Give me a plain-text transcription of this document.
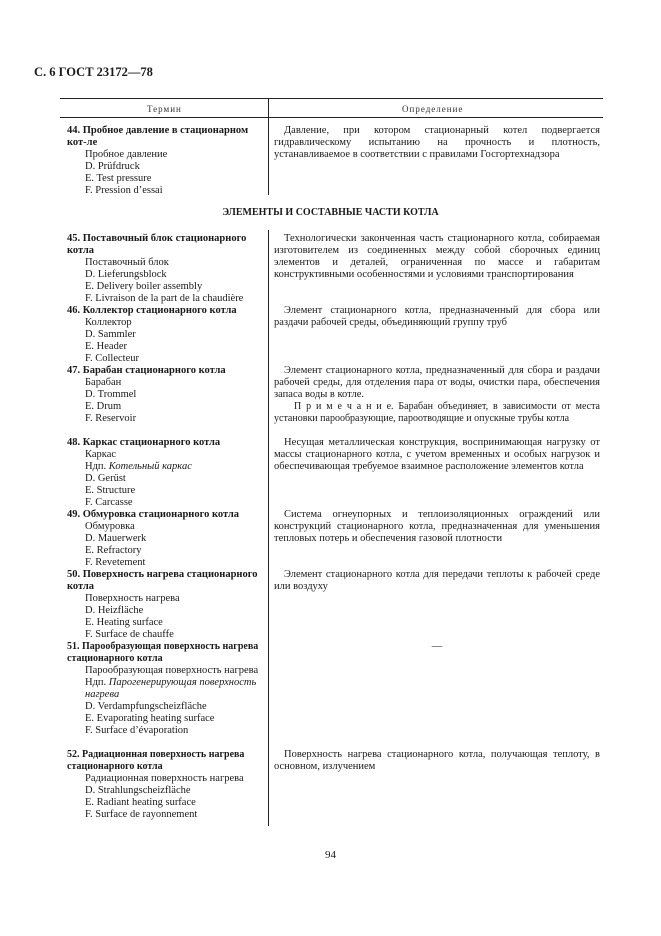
С. 6 ГОСТ 23172—78
Термин	Определение
44. Пробное давление в стационарном кот-ле
Пробное давление
D. Prüfdruck
E. Test pressure
F. Pression d’essai

Давление, при котором стационарный котел подвергается гидравлическому испытанию на прочность и плотность, устанавливаемое в соответствии с правилами Госгортехнадзора

ЭЛЕМЕНТЫ И СОСТАВНЫЕ ЧАСТИ КОТЛА
45. Поставочный блок стационарного котла
Поставочный блок
D. Lieferungsblock
E. Delivery boiler assembly
F. Livraison de la part de la chaudière

Технологически законченная часть стационарного котла, собираемая изготовителем из соединенных между собой сборочных единиц элементов и деталей, ограниченная по массе и габаритам конструктивными особенностями и условиями транспортирования

46. Коллектор стационарного котла
Коллектор
D. Sammler
E. Header
F. Collecteur

Элемент стационарного котла, предназначенный для сбора или раздачи рабочей среды, объединяющий группу труб

47. Барабан стационарного котла
Барабан
D. Trommel
E. Drum
F. Reservoir

Элемент стационарного котла, предназначенный для сбора и раздачи рабочей среды, для отделения пара от воды, очистки пара, обеспечения запаса воды в котле.

П р и м е ч а н и е. Барабан объединяет, в зависимости от места установки парообразующие, пароотводящие и опускные трубы котла

48. Каркас стационарного котла
Каркас
Ндп. Котельный каркас
D. Gerüst
E. Structure
F. Carcasse

Несущая металлическая конструкция, воспринимающая нагрузку от массы стационарного котла, с учетом временных и особых нагрузок и обеспечивающая требуемое взаимное расположение элементов котла

49. Обмуровка стационарного котла
Обмуровка
D. Mauerwerk
E. Refractory
F. Revetement

Система огнеупорных и теплоизоляционных ограждений или конструкций стационарного котла, предназначенная для уменьшения тепловых потерь и обеспечения газовой плотности

50. Поверхность нагрева стационарного котла
Поверхность нагрева
D. Heizfläche
E. Heating surface
F. Surface de chauffe

Элемент стационарного котла для передачи теплоты к рабочей среде или воздуху

51. Парообразующая поверхность нагрева стационарного котла
Парообразующая поверхность нагрева
Ндп. Парогенерирующая поверхность нагрева
D. Verdampfungscheizfläche
E. Evaporating heating surface
F. Surface d’évaporation
—
52. Радиационная поверхность нагрева стационарного котла
Радиационная поверхность нагрева
D. Strahlungscheizfläche
E. Radiant heating surface
F. Surface de rayonnement

Поверхность нагрева стационарного котла, получающая теплоту, в основном, излучением

94
